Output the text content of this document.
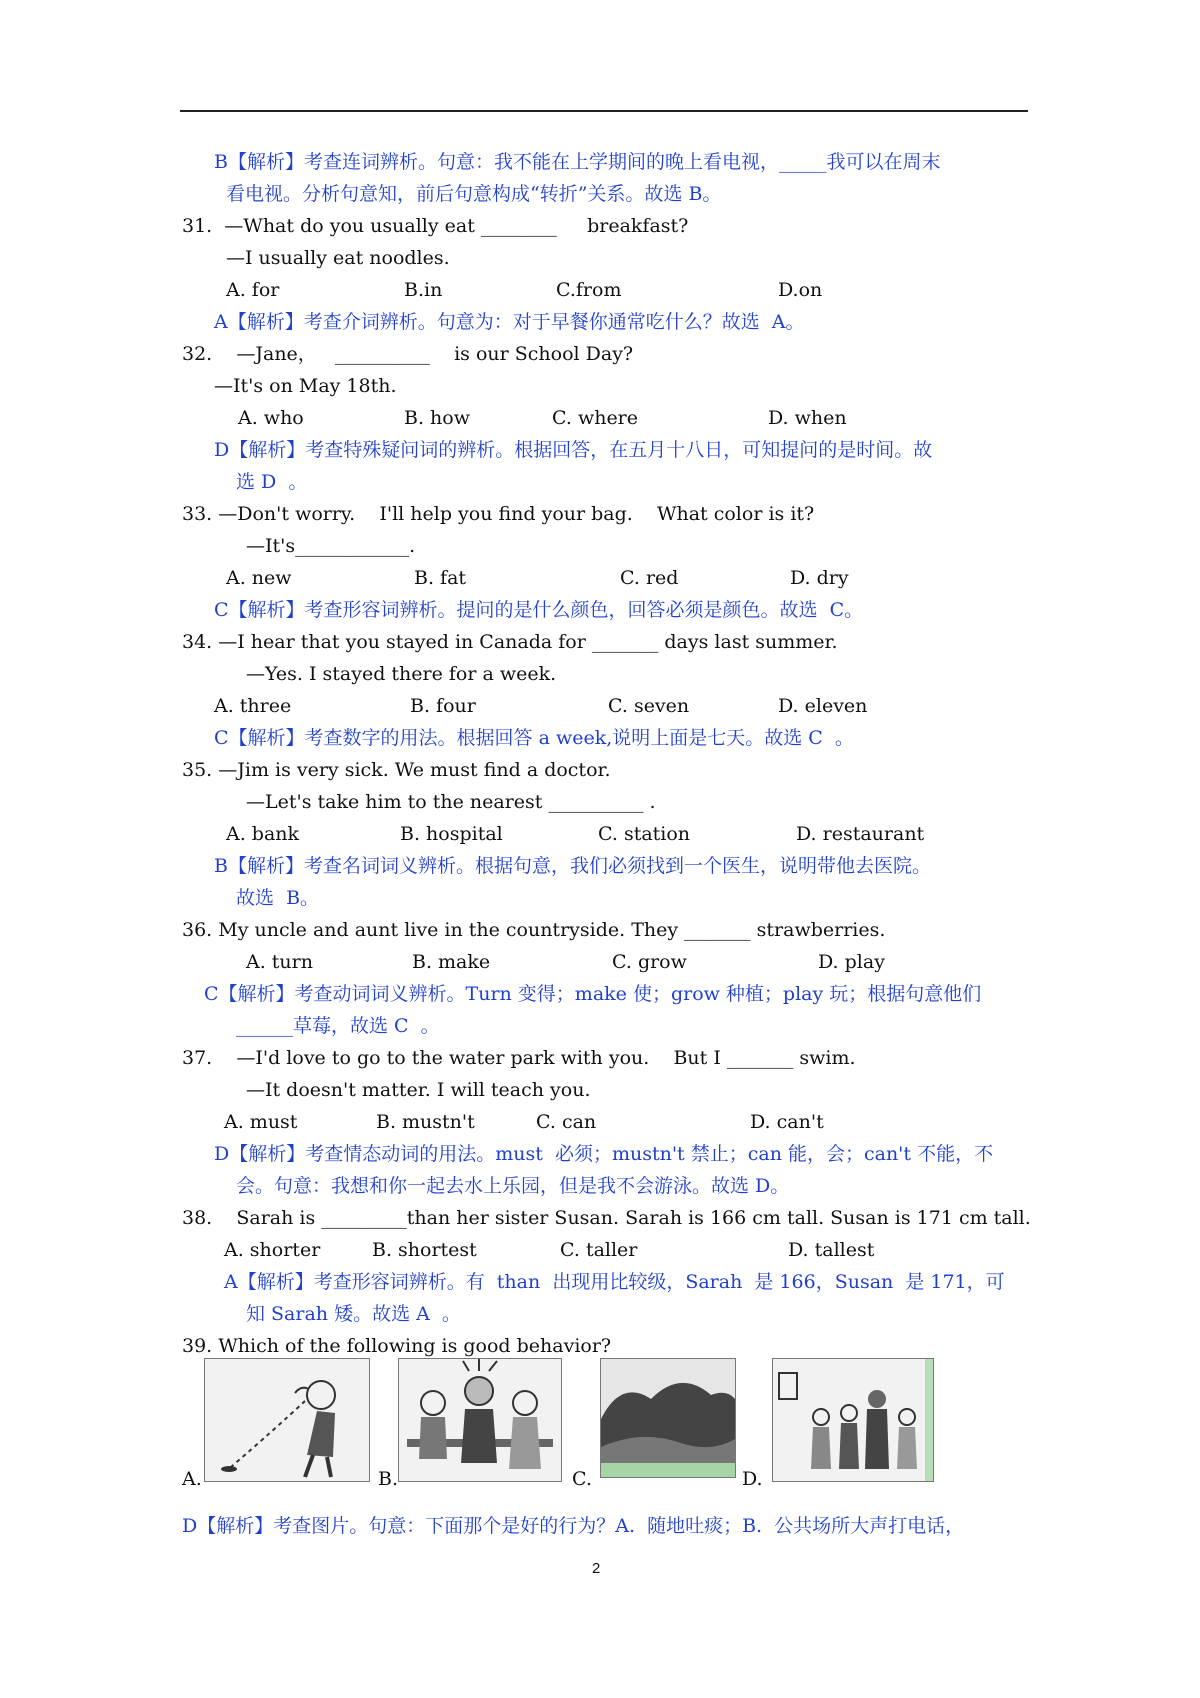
B【解析】考查连词辨析。句意：我不能在上学期间的晚上看电视，_____我可以在周末
看电视。分析句意知，前后句意构成“转折”关系。故选 B。
31.  —What do you usually eat ________     breakfast?
—I usually eat noodles.
A. for	B.in	C.from	D.on
A【解析】考查介词辨析。句意为：对于早餐你通常吃什么？故选  A。
32.    —Jane，   __________    is our School Day?
—It's on May 18th.
A. who	B. how	C. where	D. when
D【解析】考查特殊疑问词的辨析。根据回答，在五月十八日，可知提问的是时间。故
选 D  。
33. —Don't worry.    I'll help you find your bag.    What color is it?
—It's____________.
A. new	B. fat	C. red	D. dry
C【解析】考查形容词辨析。提问的是什么颜色，回答必须是颜色。故选  C。
34. —I hear that you stayed in Canada for _______ days last summer.
—Yes. I stayed there for a week.
A. three	B. four	C. seven	D. eleven
C【解析】考查数字的用法。根据回答 a week,说明上面是七天。故选 C  。
35. —Jim is very sick. We must find a doctor.
—Let's take him to the nearest __________ .
A. bank	B. hospital	C. station	D. restaurant
B【解析】考查名词词义辨析。根据句意，我们必须找到一个医生，说明带他去医院。
故选  B。
36. My uncle and aunt live in the countryside. They _______ strawberries.
A. turn	B. make	C. grow	D. play
C【解析】考查动词词义辨析。Turn 变得；make 使；grow 种植；play 玩；根据句意他们
______草莓，故选 C  。
37.    —I'd love to go to the water park with you.    But I _______ swim.
—It doesn't matter. I will teach you.
A. must	B. mustn't	C. can	D. can't
D【解析】考查情态动词的用法。must  必须；mustn't 禁止；can 能，会；can't 不能，不
会。句意：我想和你一起去水上乐园，但是我不会游泳。故选 D。
38.    Sarah is _________than her sister Susan. Sarah is 166 cm tall. Susan is 171 cm tall.
A. shorter	B. shortest	C. taller	D. tallest
A【解析】考查形容词辨析。有  than  出现用比较级，Sarah  是 166，Susan  是 171，可
知 Sarah 矮。故选 A  。
39. Which of the following is good behavior?
D【解析】考查图片。句意：下面那个是好的行为？A.  随地吐痰；B.  公共场所大声打电话，
A.	B.	C.	D.
2
